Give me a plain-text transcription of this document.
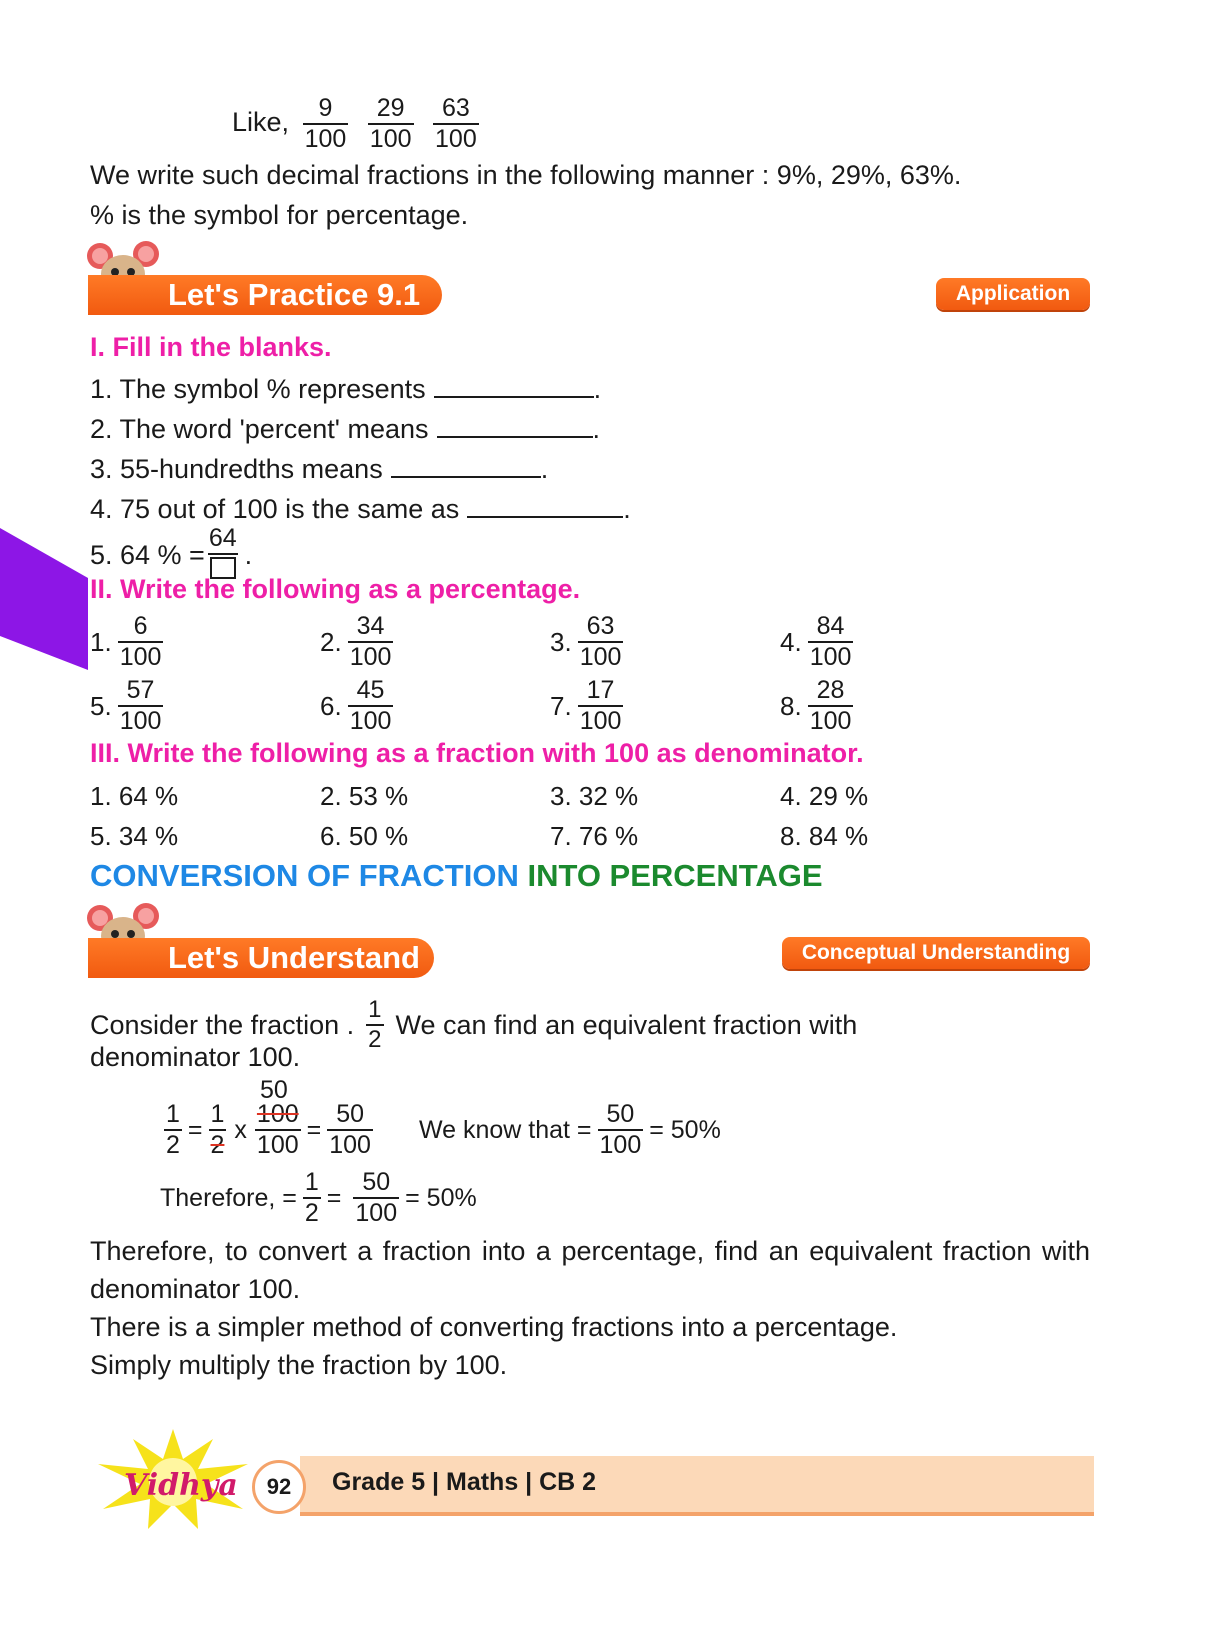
Like, $\frac{9}{100}$
$\frac{29}{100}$
$\frac{63}{100}$
We write such decimal fractions in the following manner : 9%, 29%, 63%.
% is the symbol for percentage.
Let's Practice 9.1	Application
I. Fill in the blanks.
1. The symbol % represents	.
2. The word 'percent' means	.
3. 55-hundredths means	.
4. 75 out of 100 is the same as	.
5. 64 % =
64
.
II. Write the following as a percentage.
1. $\frac{6}{100}$	2. $\frac{34}{100}$	3. $\frac{63}{100}$	4. $\frac{84}{100}$
5. $\frac{57}{100}$	6. $\frac{45}{100}$	7. $\frac{17}{100}$	8. $\frac{28}{100}$
III. Write the following as a fraction with 100 as denominator.
1. 64 %	2. 53 %	3. 32 %	4. 29 %
5. 34 %	6. 50 %	7. 76 %	8. 84 %
CONVERSION OF FRACTION INTO PERCENTAGE
Let's Understand	Conceptual Understanding
Consider the fraction . $\frac{1}{2}$ We can find an equivalent fraction with
denominator 100.
50
$\frac{1}{2} = \frac{1}{2}$ x $\frac{100}{100} = \frac{50}{100}$ We know that = $\frac{50}{100} = 50\%$
Therefore, = $\frac{1}{2} = \frac{50}{100} = 50\%$
Therefore, to convert a fraction into a percentage, find an equivalent fraction with denominator 100.
There is a simpler method of converting fractions into a percentage.
Simply multiply the fraction by 100.
Vidhya	92	Grade 5 | Maths | CB 2
